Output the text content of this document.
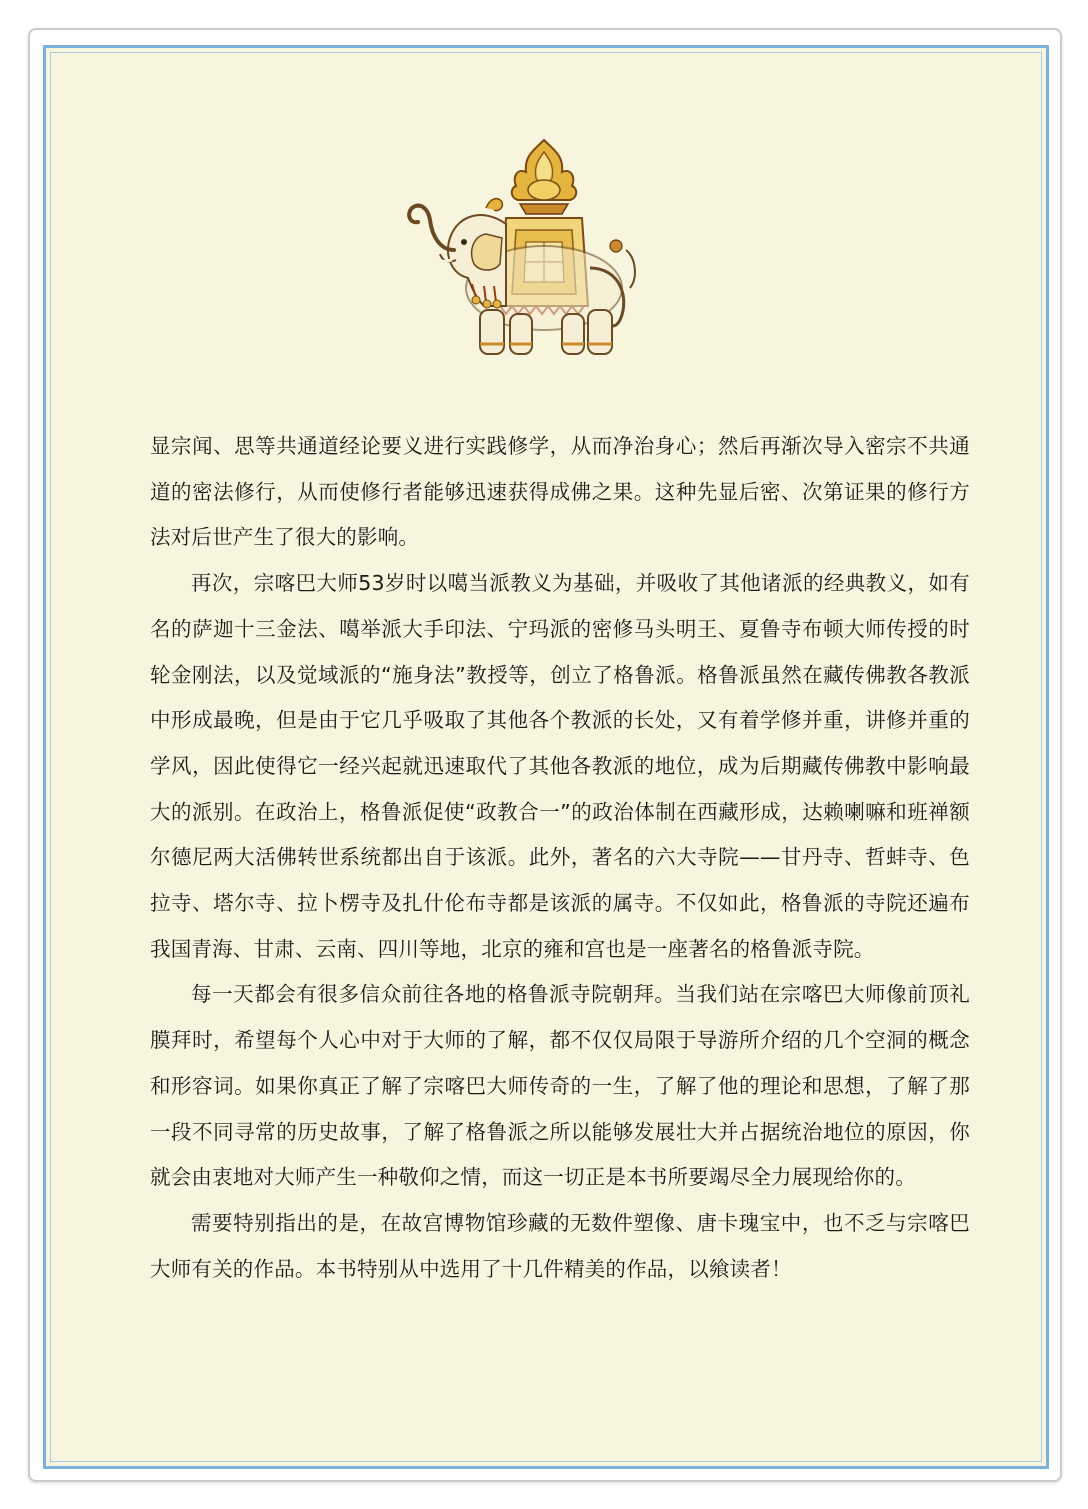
显宗闻、思等共通道经论要义进行实践修学，从而净治身心；然后再渐次导入密宗不共通道的密法修行，从而使修行者能够迅速获得成佛之果。这种先显后密、次第证果的修行方法对后世产生了很大的影响。

再次，宗喀巴大师53岁时以噶当派教义为基础，并吸收了其他诸派的经典教义，如有名的萨迦十三金法、噶举派大手印法、宁玛派的密修马头明王、夏鲁寺布顿大师传授的时轮金刚法，以及觉域派的“施身法”教授等，创立了格鲁派。格鲁派虽然在藏传佛教各教派中形成最晚，但是由于它几乎吸取了其他各个教派的长处，又有着学修并重，讲修并重的学风，因此使得它一经兴起就迅速取代了其他各教派的地位，成为后期藏传佛教中影响最大的派别。在政治上，格鲁派促使“政教合一”的政治体制在西藏形成，达赖喇嘛和班禅额尔德尼两大活佛转世系统都出自于该派。此外，著名的六大寺院——甘丹寺、哲蚌寺、色拉寺、塔尔寺、拉卜楞寺及扎什伦布寺都是该派的属寺。不仅如此，格鲁派的寺院还遍布我国青海、甘肃、云南、四川等地，北京的雍和宫也是一座著名的格鲁派寺院。

每一天都会有很多信众前往各地的格鲁派寺院朝拜。当我们站在宗喀巴大师像前顶礼膜拜时，希望每个人心中对于大师的了解，都不仅仅局限于导游所介绍的几个空洞的概念和形容词。如果你真正了解了宗喀巴大师传奇的一生，了解了他的理论和思想，了解了那一段不同寻常的历史故事，了解了格鲁派之所以能够发展壮大并占据统治地位的原因，你就会由衷地对大师产生一种敬仰之情，而这一切正是本书所要竭尽全力展现给你的。

需要特别指出的是，在故宫博物馆珍藏的无数件塑像、唐卡瑰宝中，也不乏与宗喀巴大师有关的作品。本书特别从中选用了十几件精美的作品，以飨读者！
